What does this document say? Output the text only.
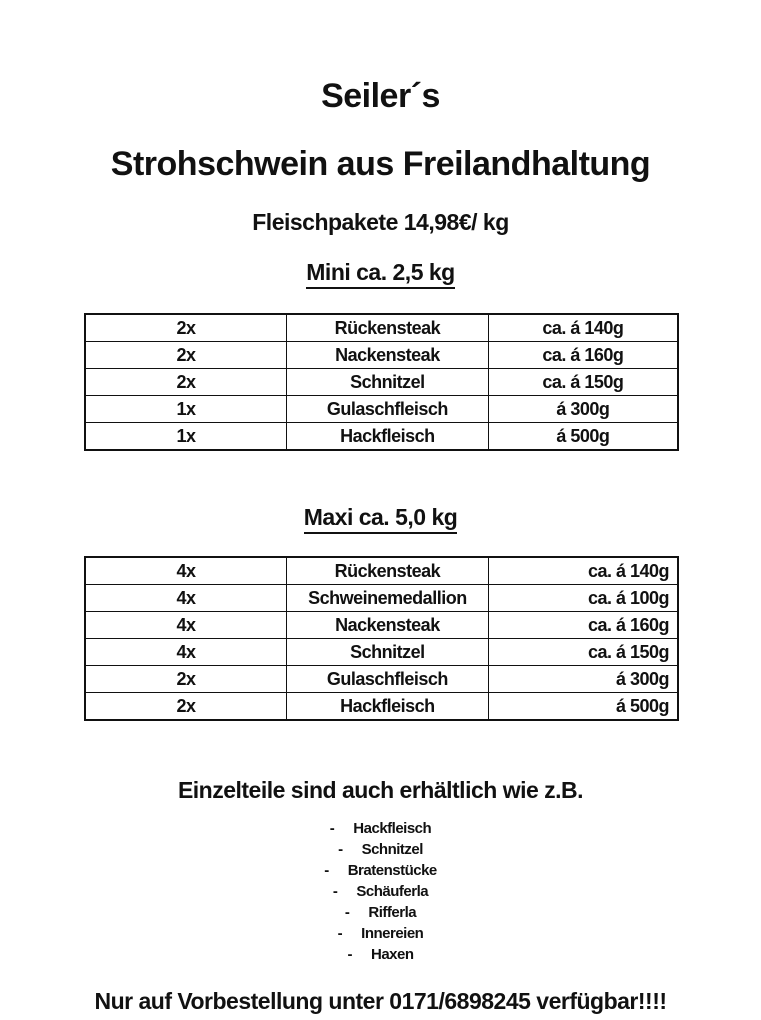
Seiler´s
Strohschwein aus Freilandhaltung
Fleischpakete 14,98€/ kg
Mini ca. 2,5 kg
2x	Rückensteak	ca. á 140g
2x	Nackensteak	ca. á 160g
2x	Schnitzel	ca. á 150g
1x	Gulaschfleisch	á 300g
1x	Hackfleisch	á 500g
Maxi ca. 5,0 kg
4x	Rückensteak	ca. á 140g
4x	Schweinemedallion	ca. á 100g
4x	Nackensteak	ca. á 160g
4x	Schnitzel	ca. á 150g
2x	Gulaschfleisch	á 300g
2x	Hackfleisch	á 500g
Einzelteile sind auch erhältlich wie z.B.
- Hackfleisch
- Schnitzel
- Bratenstücke
- Schäuferla
- Rifferla
- Innereien
- Haxen
Nur auf Vorbestellung unter 0171/6898245 verfügbar!!!!
